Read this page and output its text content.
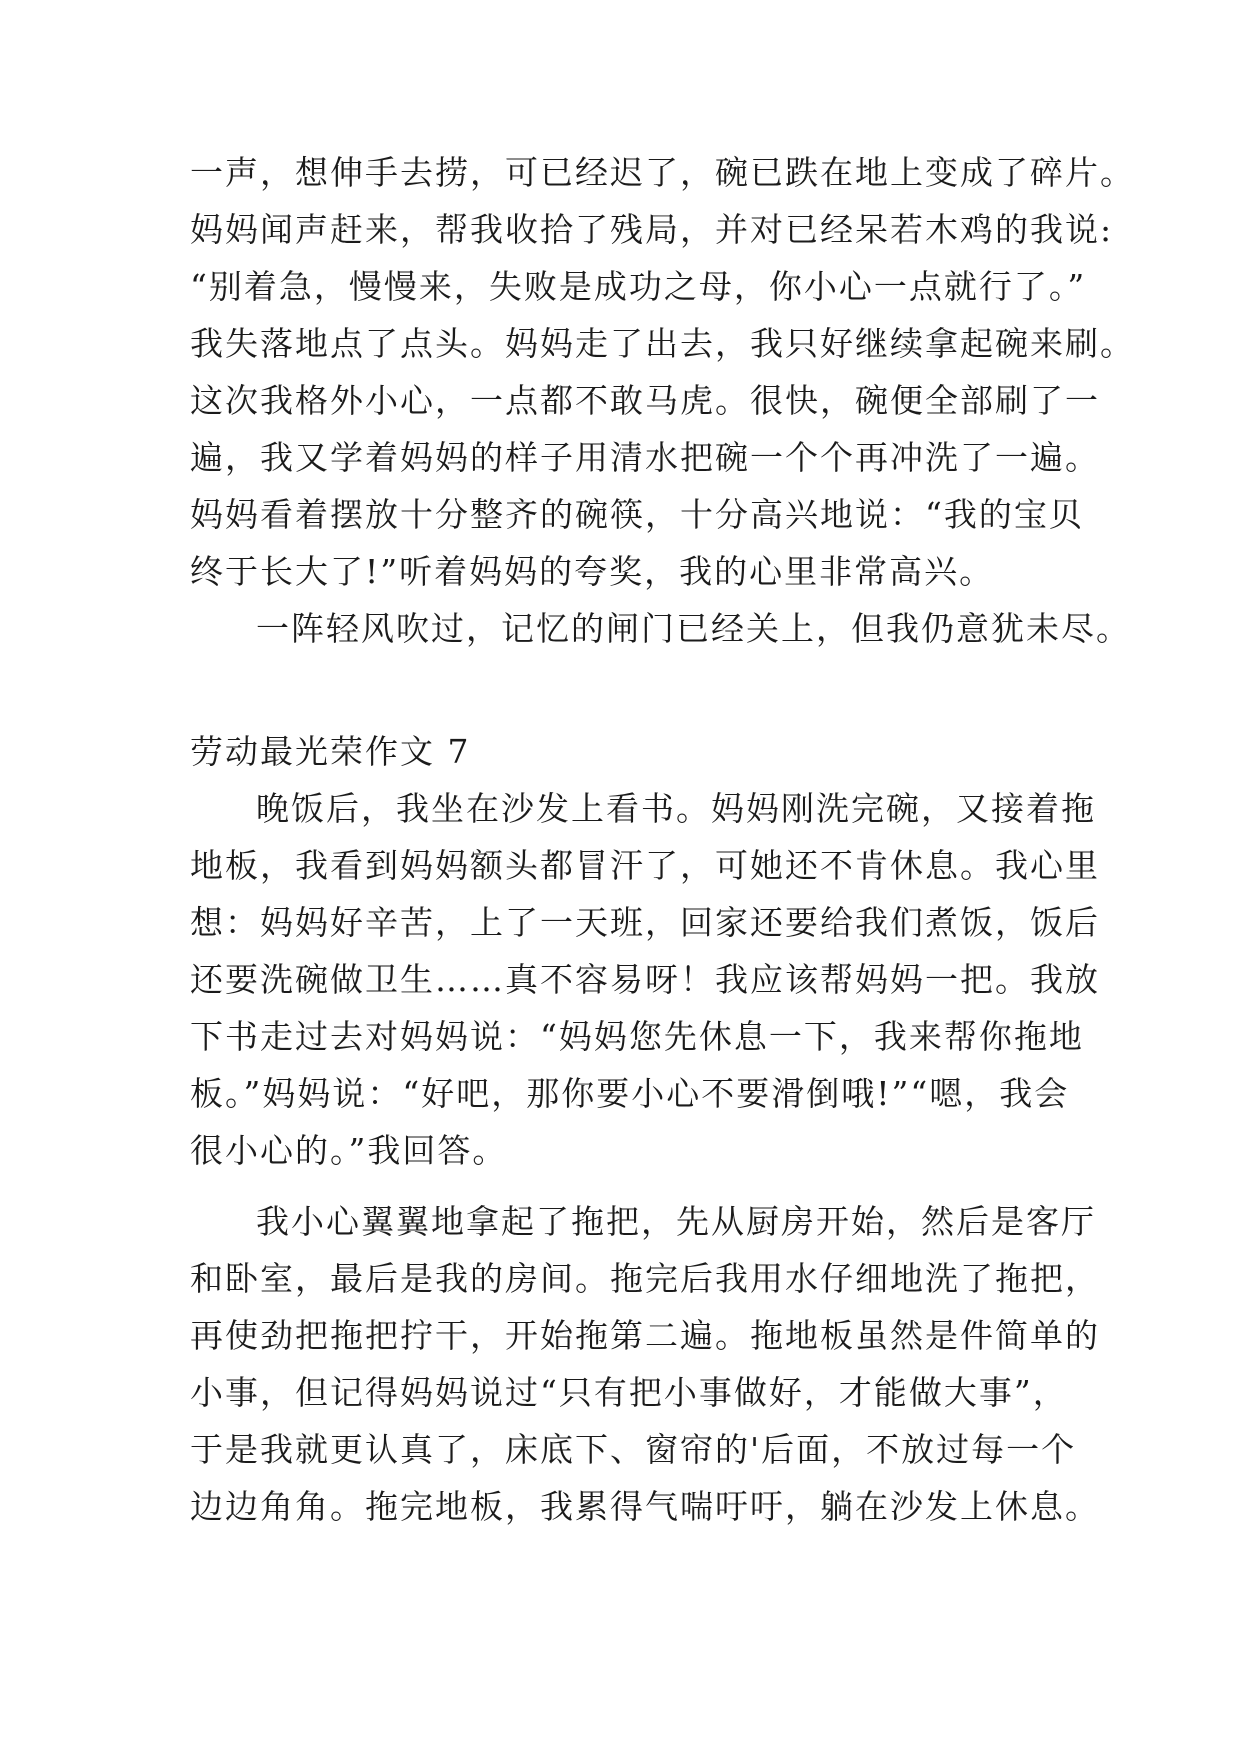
一声，想伸手去捞，可已经迟了，碗已跌在地上变成了碎片。
妈妈闻声赶来，帮我收拾了残局，并对已经呆若木鸡的我说:
“别着急，慢慢来，失败是成功之母，你小心一点就行了。”
我失落地点了点头。妈妈走了出去，我只好继续拿起碗来刷。
这次我格外小心，一点都不敢马虎。很快，碗便全部刷了一
遍，我又学着妈妈的样子用清水把碗一个个再冲洗了一遍。
妈妈看着摆放十分整齐的碗筷，十分高兴地说：“我的宝贝
终于长大了!”听着妈妈的夸奖，我的心里非常高兴。
一阵轻风吹过，记忆的闸门已经关上，但我仍意犹未尽。
劳动最光荣作文 7
晚饭后，我坐在沙发上看书。妈妈刚洗完碗，又接着拖
地板，我看到妈妈额头都冒汗了，可她还不肯休息。我心里
想：妈妈好辛苦，上了一天班，回家还要给我们煮饭，饭后
还要洗碗做卫生……真不容易呀！我应该帮妈妈一把。我放
下书走过去对妈妈说：“妈妈您先休息一下，我来帮你拖地
板。”妈妈说：“好吧，那你要小心不要滑倒哦!”“嗯，我会
很小心的。”我回答。
我小心翼翼地拿起了拖把，先从厨房开始，然后是客厅
和卧室，最后是我的房间。拖完后我用水仔细地洗了拖把，
再使劲把拖把拧干，开始拖第二遍。拖地板虽然是件简单的
小事，但记得妈妈说过“只有把小事做好，才能做大事”，
于是我就更认真了，床底下、窗帘的'后面，不放过每一个
边边角角。拖完地板，我累得气喘吁吁，躺在沙发上休息。
